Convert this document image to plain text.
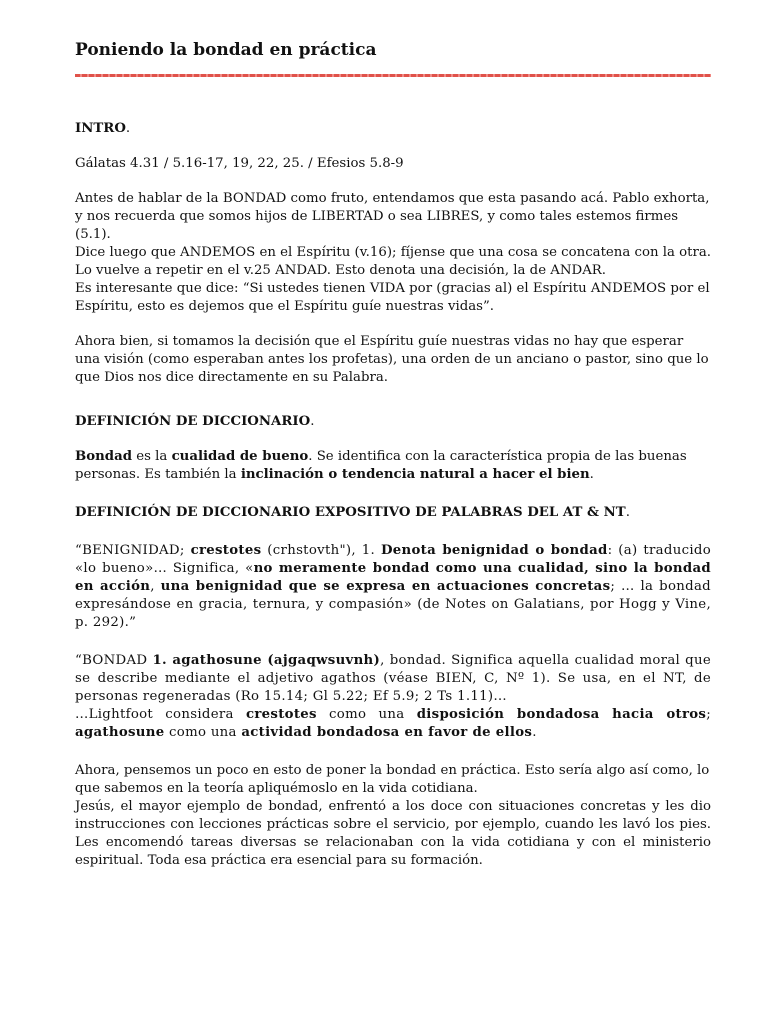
Poniendo la bondad en práctica

INTRO.

Gálatas 4.31 / 5.16-17, 19, 22, 25. / Efesios 5.8-9

Antes de hablar de la BONDAD como fruto, entendamos que esta pasando acá. Pablo exhorta, y nos recuerda que somos hijos de LIBERTAD o sea LIBRES, y como tales estemos firmes (5.1).

Dice luego que ANDEMOS en el Espíritu (v.16); fíjense que una cosa se concatena con la otra. Lo vuelve a repetir en el v.25 ANDAD. Esto denota una decisión, la de ANDAR.

Es interesante que dice: “Si ustedes tienen VIDA por (gracias al) el Espíritu ANDEMOS por el Espíritu, esto es dejemos que el Espíritu guíe nuestras vidas”.

Ahora bien, si tomamos la decisión que el Espíritu guíe nuestras vidas no hay que esperar una visión (como esperaban antes los profetas), una orden de un anciano o pastor, sino que lo que Dios nos dice directamente en su Palabra.

DEFINICIÓN DE DICCIONARIO.

Bondad es la cualidad de bueno. Se identifica con la característica propia de las buenas personas. Es también la inclinación o tendencia natural a hacer el bien.

DEFINICIÓN DE DICCIONARIO EXPOSITIVO DE PALABRAS DEL AT & NT.

“BENIGNIDAD; crestotes (crhstovth"), 1. Denota benignidad o bondad: (a) traducido «lo bueno»… Significa, «no meramente bondad como una cualidad, sino la bondad en acción, una benignidad que se expresa en actuaciones concretas; … la bondad expresándose en gracia, ternura, y compasión» (de Notes on Galatians, por Hogg y Vine, p. 292).”

“BONDAD 1. agathosune (ajgaqwsuvnh), bondad. Significa aquella cualidad moral que se describe mediante el adjetivo agathos (véase BIEN, C, Nº 1). Se usa, en el NT, de personas regeneradas (Ro 15.14; Gl 5.22; Ef 5.9; 2 Ts 1.11)…

…Lightfoot considera crestotes como una disposición bondadosa hacia otros; agathosune como una actividad bondadosa en favor de ellos.

Ahora, pensemos un poco en esto de poner la bondad en práctica. Esto sería algo así como, lo que sabemos en la teoría apliquémoslo en la vida cotidiana.

Jesús, el mayor ejemplo de bondad, enfrentó a los doce con situaciones concretas y les dio instrucciones con lecciones prácticas sobre el servicio, por ejemplo, cuando les lavó los pies. Les encomendó tareas diversas se relacionaban con la vida cotidiana y con el ministerio espiritual. Toda esa práctica era esencial para su formación.
